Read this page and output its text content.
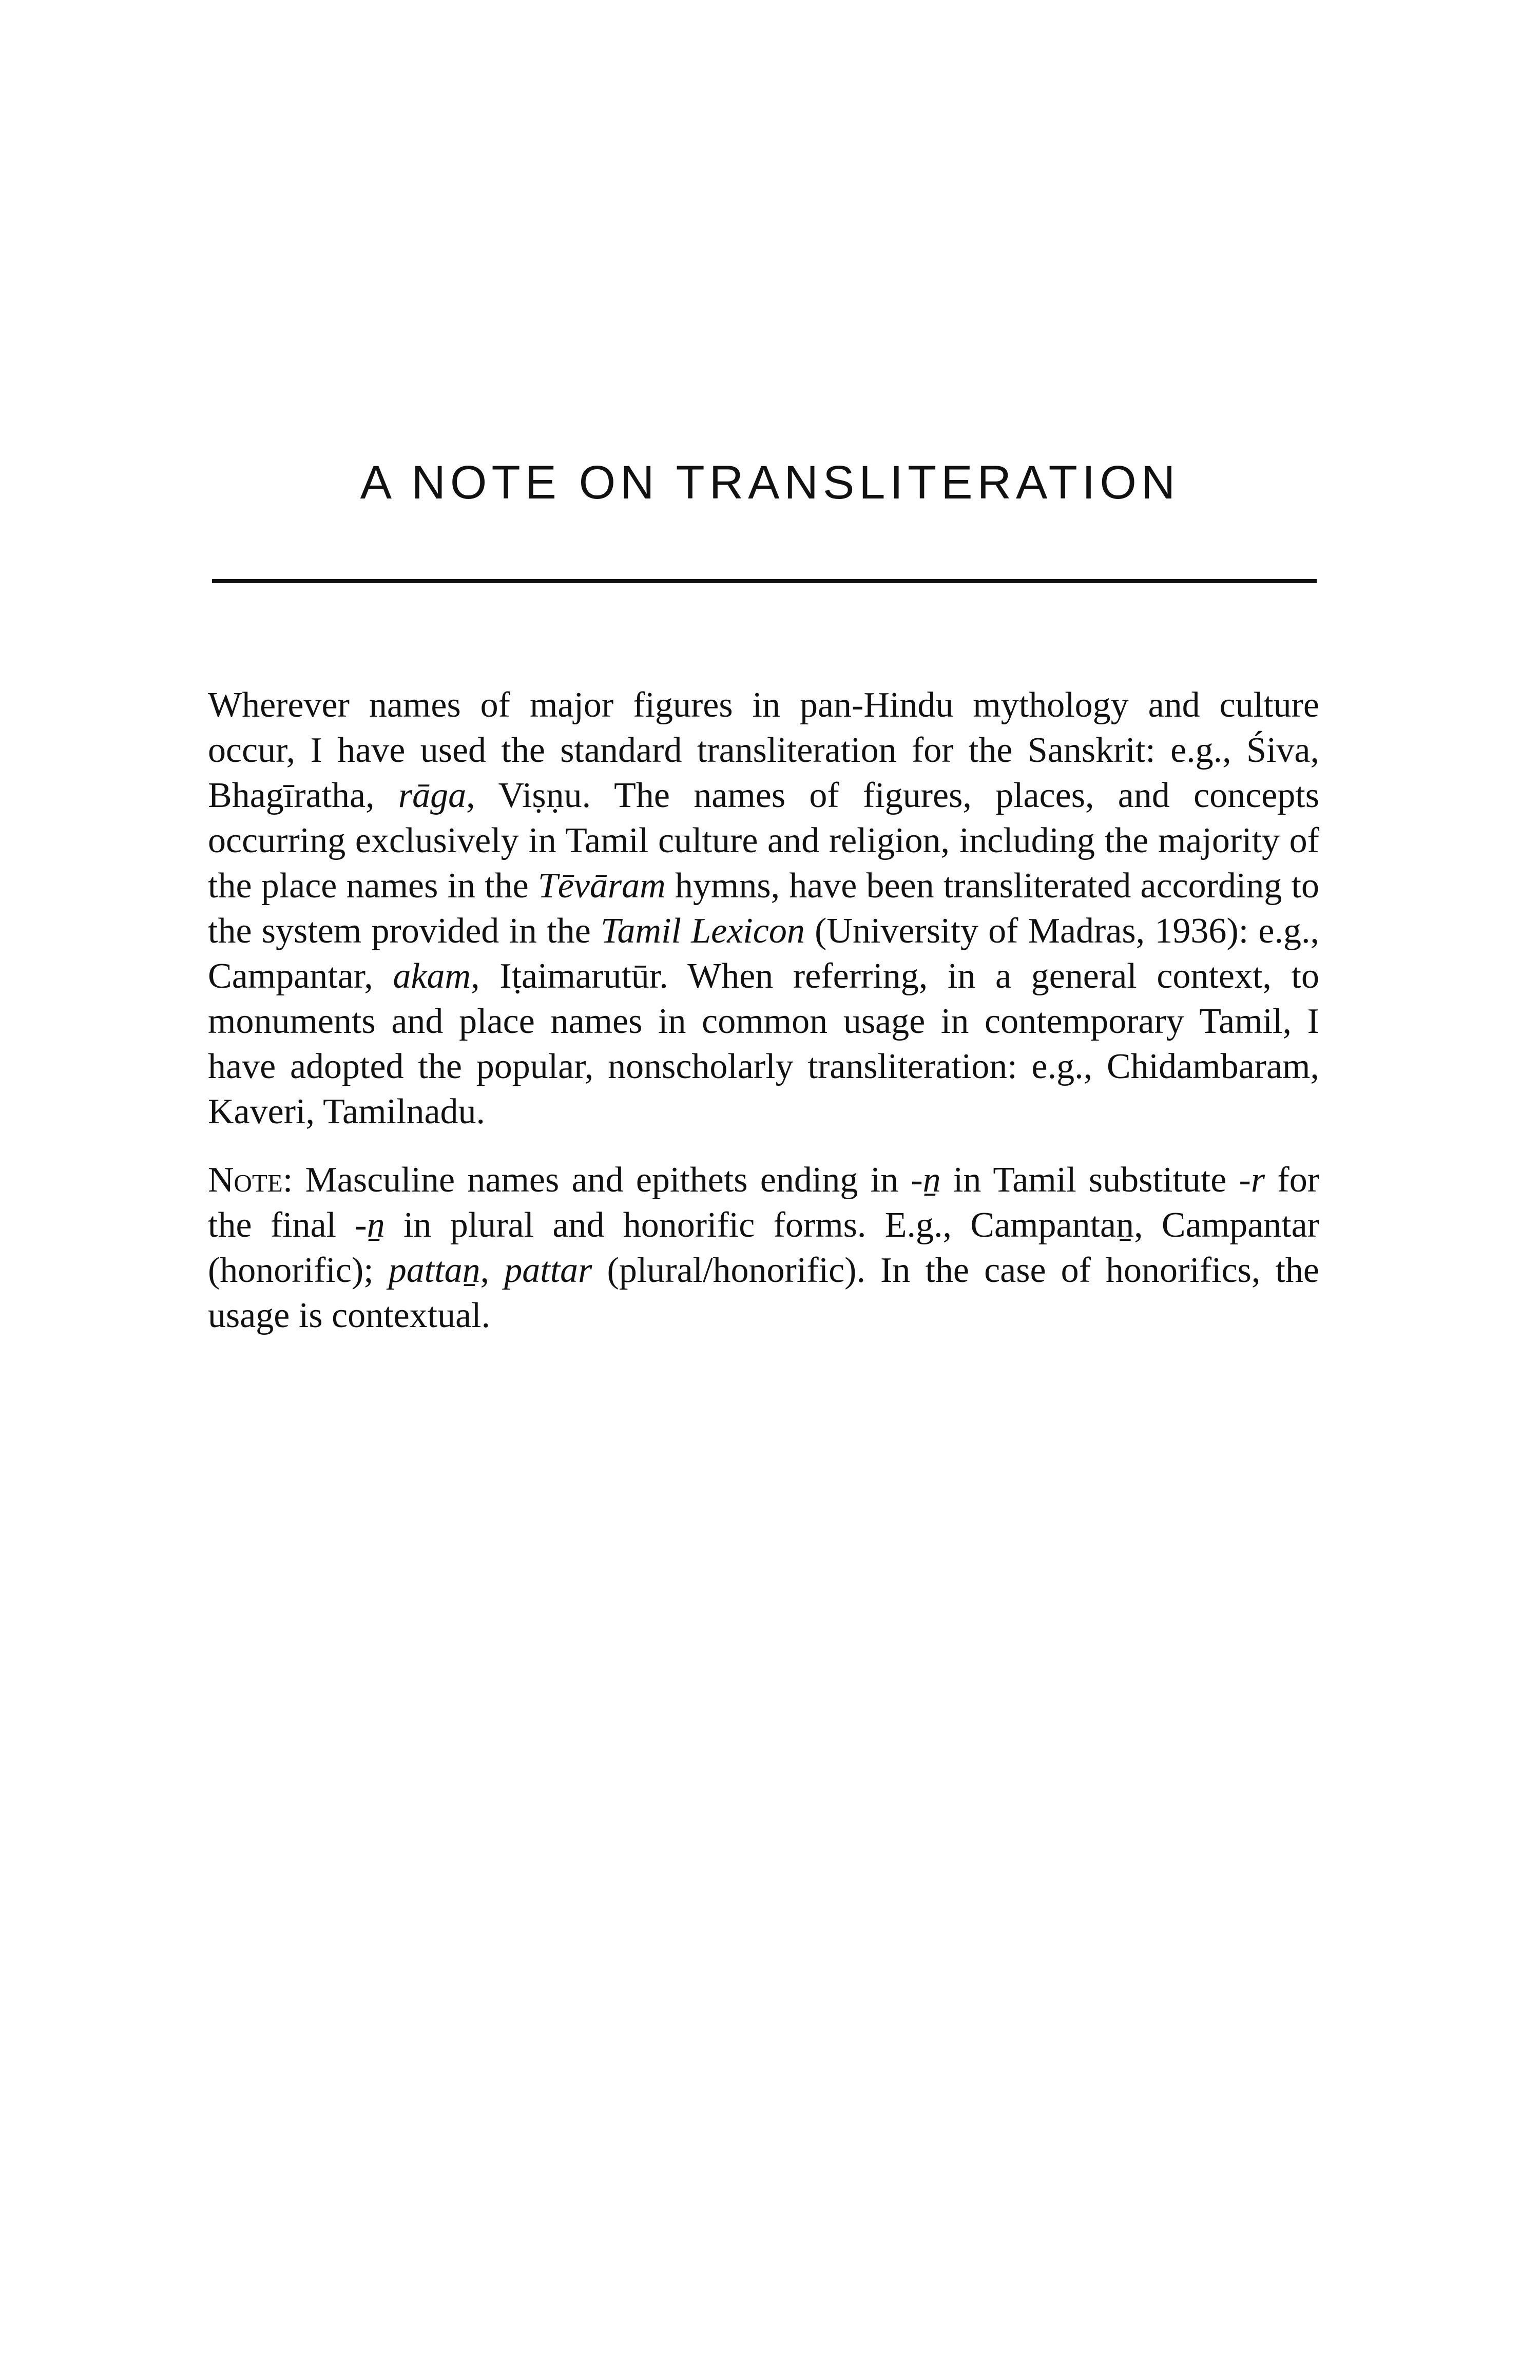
A NOTE ON TRANSLITERATION

Wherever names of major figures in pan-Hindu mythology and culture occur, I have used the standard transliteration for the Sanskrit: e.g., Śiva, Bhagīratha, rāga, Viṣṇu. The names of figures, places, and concepts occurring exclusively in Tamil culture and religion, including the majority of the place names in the Tēvāram hymns, have been transliterated according to the system provided in the Tamil Lexicon (University of Madras, 1936): e.g., Campantar, akam, Iṭaimarutūr. When referring, in a general context, to monuments and place names in common usage in contemporary Tamil, I have adopted the popular, nonscholarly transliteration: e.g., Chidambaram, Kaveri, Tamilnadu.

Note: Masculine names and epithets ending in -ṉ in Tamil substitute -r for the final -ṉ in plural and honorific forms. E.g., Campantaṉ, Campantar (honorific); pattaṉ, pattar (plural/honorific). In the case of honorifics, the usage is contextual.
